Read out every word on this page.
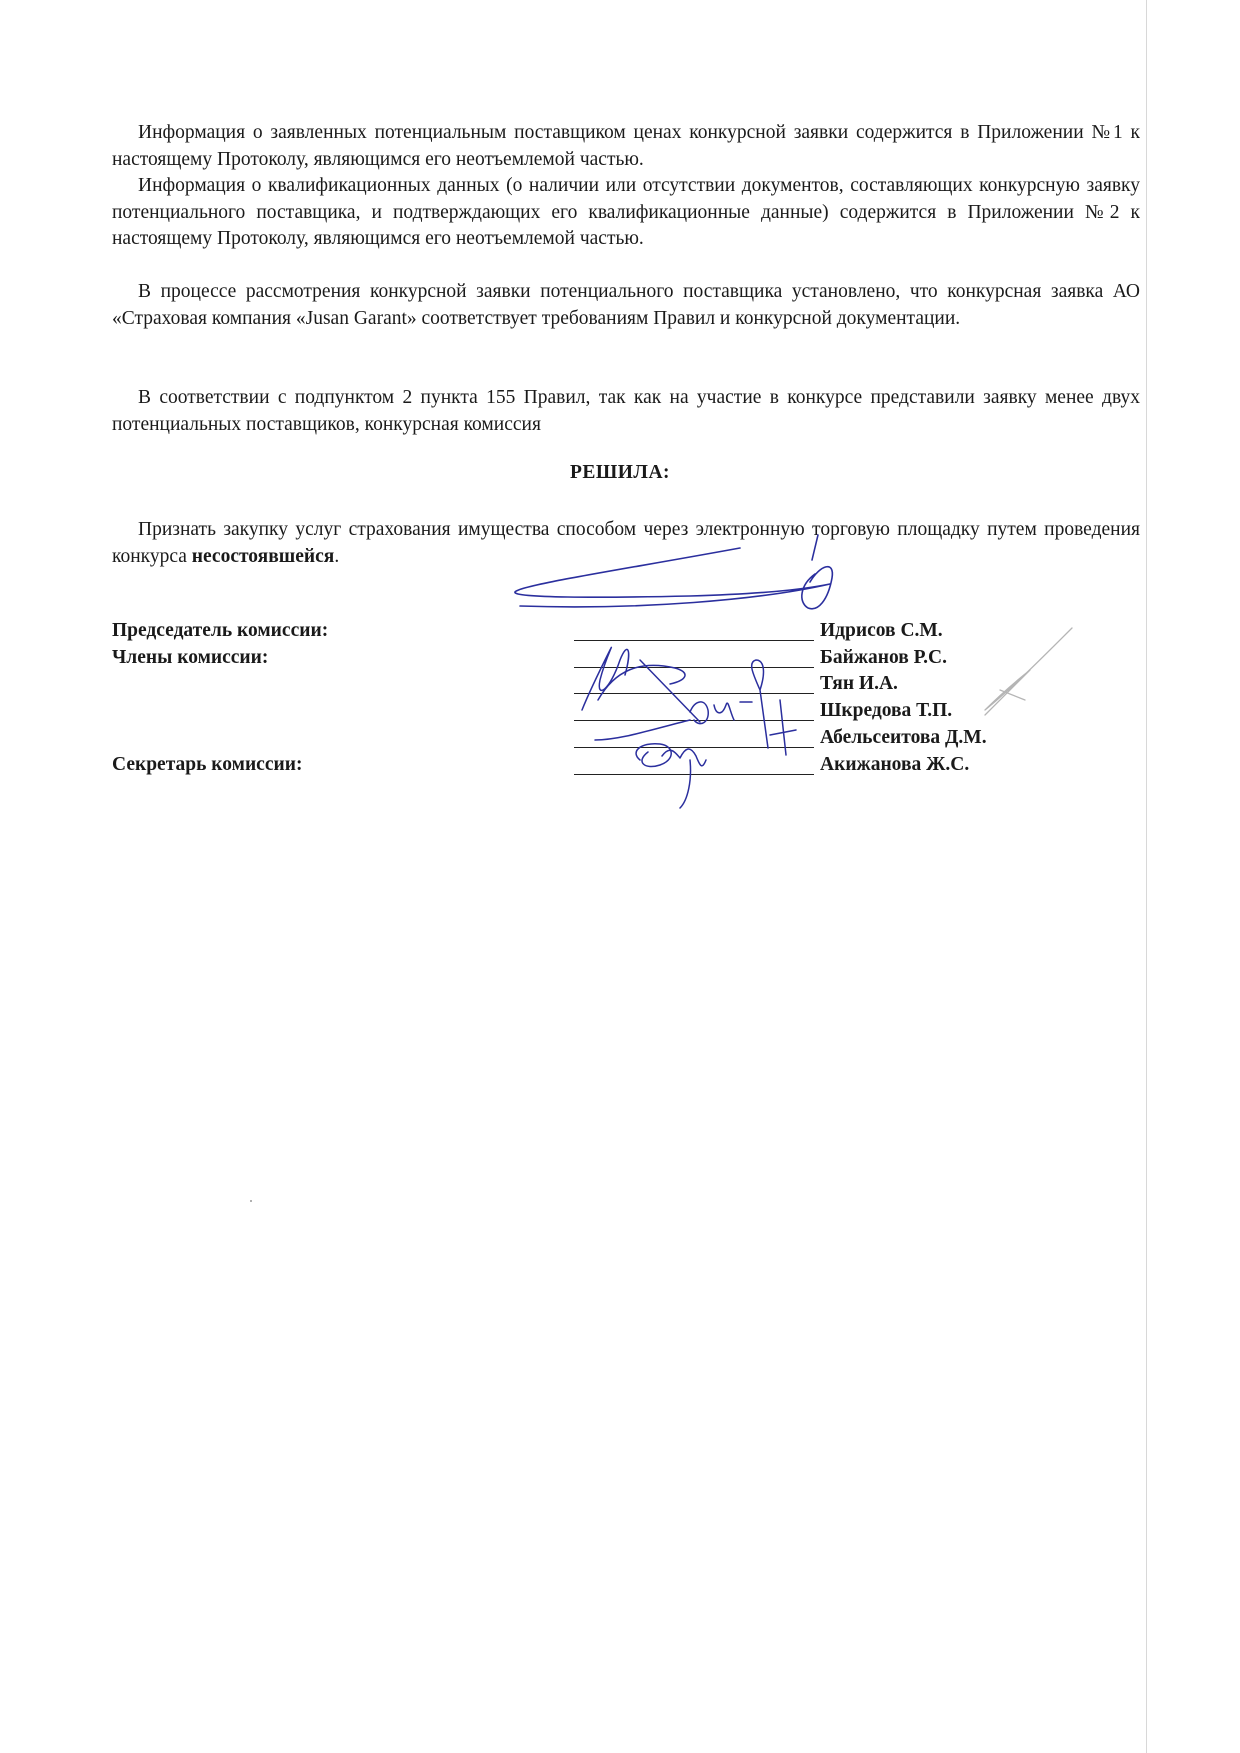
Информация о заявленных потенциальным поставщиком ценах конкурсной заявки содержится в Приложении №1 к настоящему Протоколу, являющимся его неотъемлемой частью.

Информация о квалификационных данных (о наличии или отсутствии документов, составляющих конкурсную заявку потенциального поставщика, и подтверждающих его квалификационные данные) содержится в Приложении №2 к настоящему Протоколу, являющимся его неотъемлемой частью.

В процессе рассмотрения конкурсной заявки потенциального поставщика установлено, что конкурсная заявка АО «Страховая компания «Jusan Garant» соответствует требованиям Правил и конкурсной документации.

В соответствии с подпунктом 2 пункта 155 Правил, так как на участие в конкурсе представили заявку менее двух потенциальных поставщиков, конкурсная комиссия

РЕШИЛА:

Признать закупку услуг страхования имущества способом через электронную торговую площадку путем проведения конкурса несостоявшейся.

Председатель комиссии:

Члены комиссии:

Секретарь комиссии:

Идрисов С.М.
Байжанов Р.С.
Тян И.А.
Шкредова Т.П.
Абельсеитова Д.М.
Акижанова Ж.С.
